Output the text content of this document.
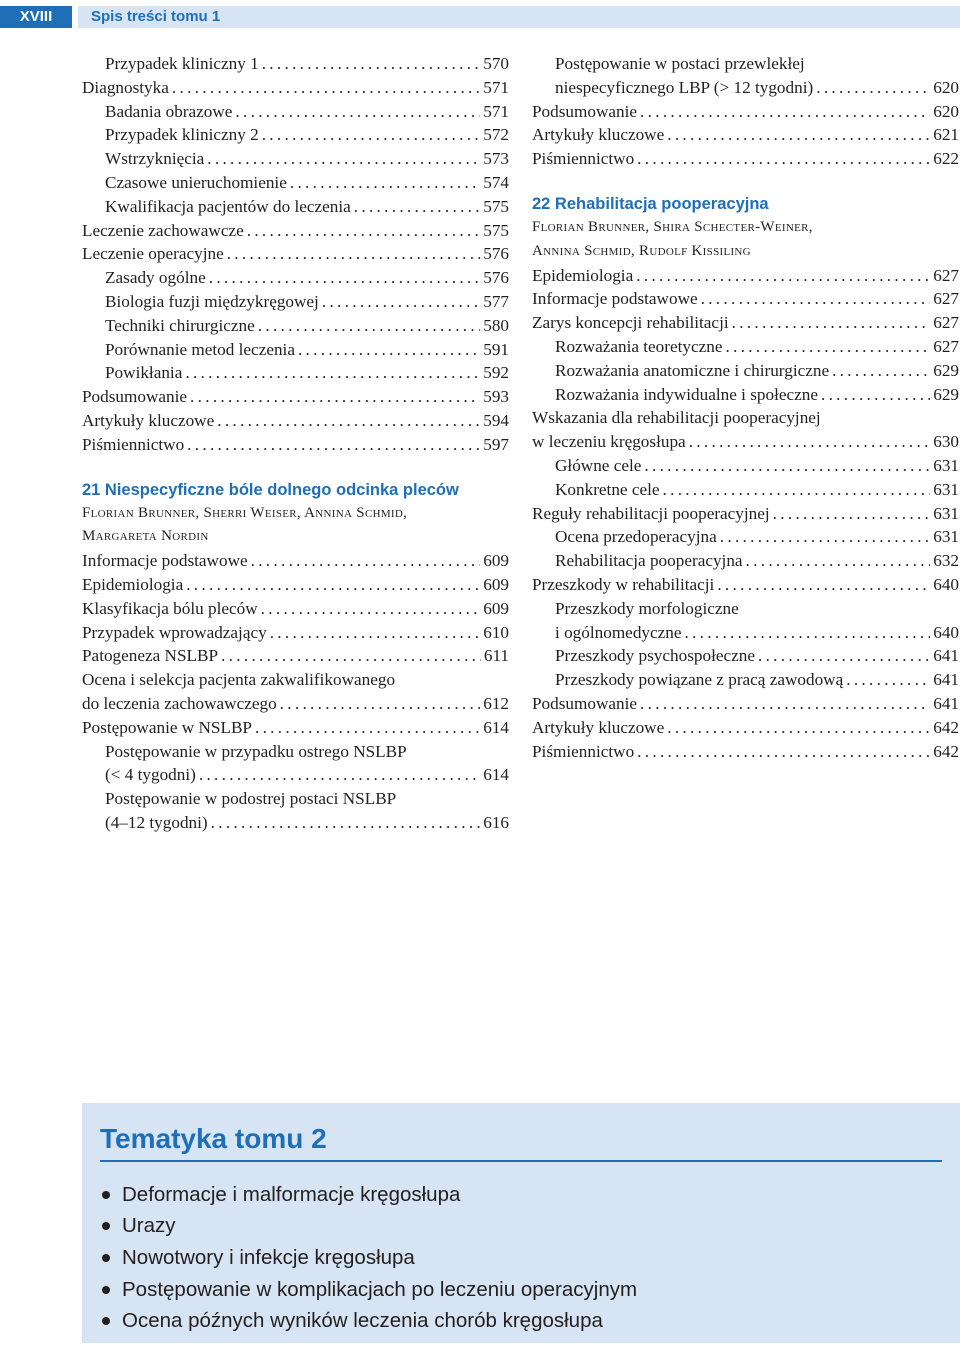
XVIII	Spis treści tomu 1
Przypadek kliniczny 1 . . .	570
Diagnostyka . . .	571
Badania obrazowe . . .	571
Przypadek kliniczny 2 . . .	572
Wstrzyknięcia . . .	573
Czasowe unieruchomienie . . .	574
Kwalifikacja pacjentów do leczenia . . .	575
Leczenie zachowawcze . . .	575
Leczenie operacyjne . . .	576
Zasady ogólne . . .	576
Biologia fuzji międzykręgowej . . .	577
Techniki chirurgiczne . . .	580
Porównanie metod leczenia . . .	591
Powikłania . . .	592
Podsumowanie . . .	593
Artykuły kluczowe . . .	594
Piśmiennictwo . . .	597
21 Niespecyficzne bóle dolnego odcinka pleców
Florian Brunner, Sherri Weiser, Annina Schmid,
Margareta Nordin
Informacje podstawowe . . .	609
Epidemiologia . . .	609
Klasyfikacja bólu pleców . . .	609
Przypadek wprowadzający . . .	610
Patogeneza NSLBP . . .	611
Ocena i selekcja pacjenta zakwalifikowanego
do leczenia zachowawczego . . .	612
Postępowanie w NSLBP . . .	614
Postępowanie w przypadku ostrego NSLBP
(< 4 tygodni) . . .	614
Postępowanie w podostrej postaci NSLBP
(4–12 tygodni) . . .	616
Postępowanie w postaci przewlekłej
niespecyficznego LBP (> 12 tygodni) . . .	620
Podsumowanie . . .	620
Artykuły kluczowe . . .	621
Piśmiennictwo . . .	622
22 Rehabilitacja pooperacyjna
Florian Brunner, Shira Schecter-Weiner,
Annina Schmid, Rudolf Kissiling
Epidemiologia . . .	627
Informacje podstawowe . . .	627
Zarys koncepcji rehabilitacji . . .	627
Rozważania teoretyczne . . .	627
Rozważania anatomiczne i chirurgiczne . . .	629
Rozważania indywidualne i społeczne . . .	629
Wskazania dla rehabilitacji pooperacyjnej
w leczeniu kręgosłupa . . .	630
Główne cele . . .	631
Konkretne cele . . .	631
Reguły rehabilitacji pooperacyjnej . . .	631
Ocena przedoperacyjna . . .	631
Rehabilitacja pooperacyjna . . .	632
Przeszkody w rehabilitacji . . .	640
Przeszkody morfologiczne
i ogólnomedyczne . . .	640
Przeszkody psychospołeczne . . .	641
Przeszkody powiązane z pracą zawodową . . .	641
Podsumowanie . . .	641
Artykuły kluczowe . . .	642
Piśmiennictwo . . .	642
Tematyka tomu 2
Deformacje i malformacje kręgosłupa
Urazy
Nowotwory i infekcje kręgosłupa
Postępowanie w komplikacjach po leczeniu operacyjnym
Ocena późnych wyników leczenia chorób kręgosłupa
